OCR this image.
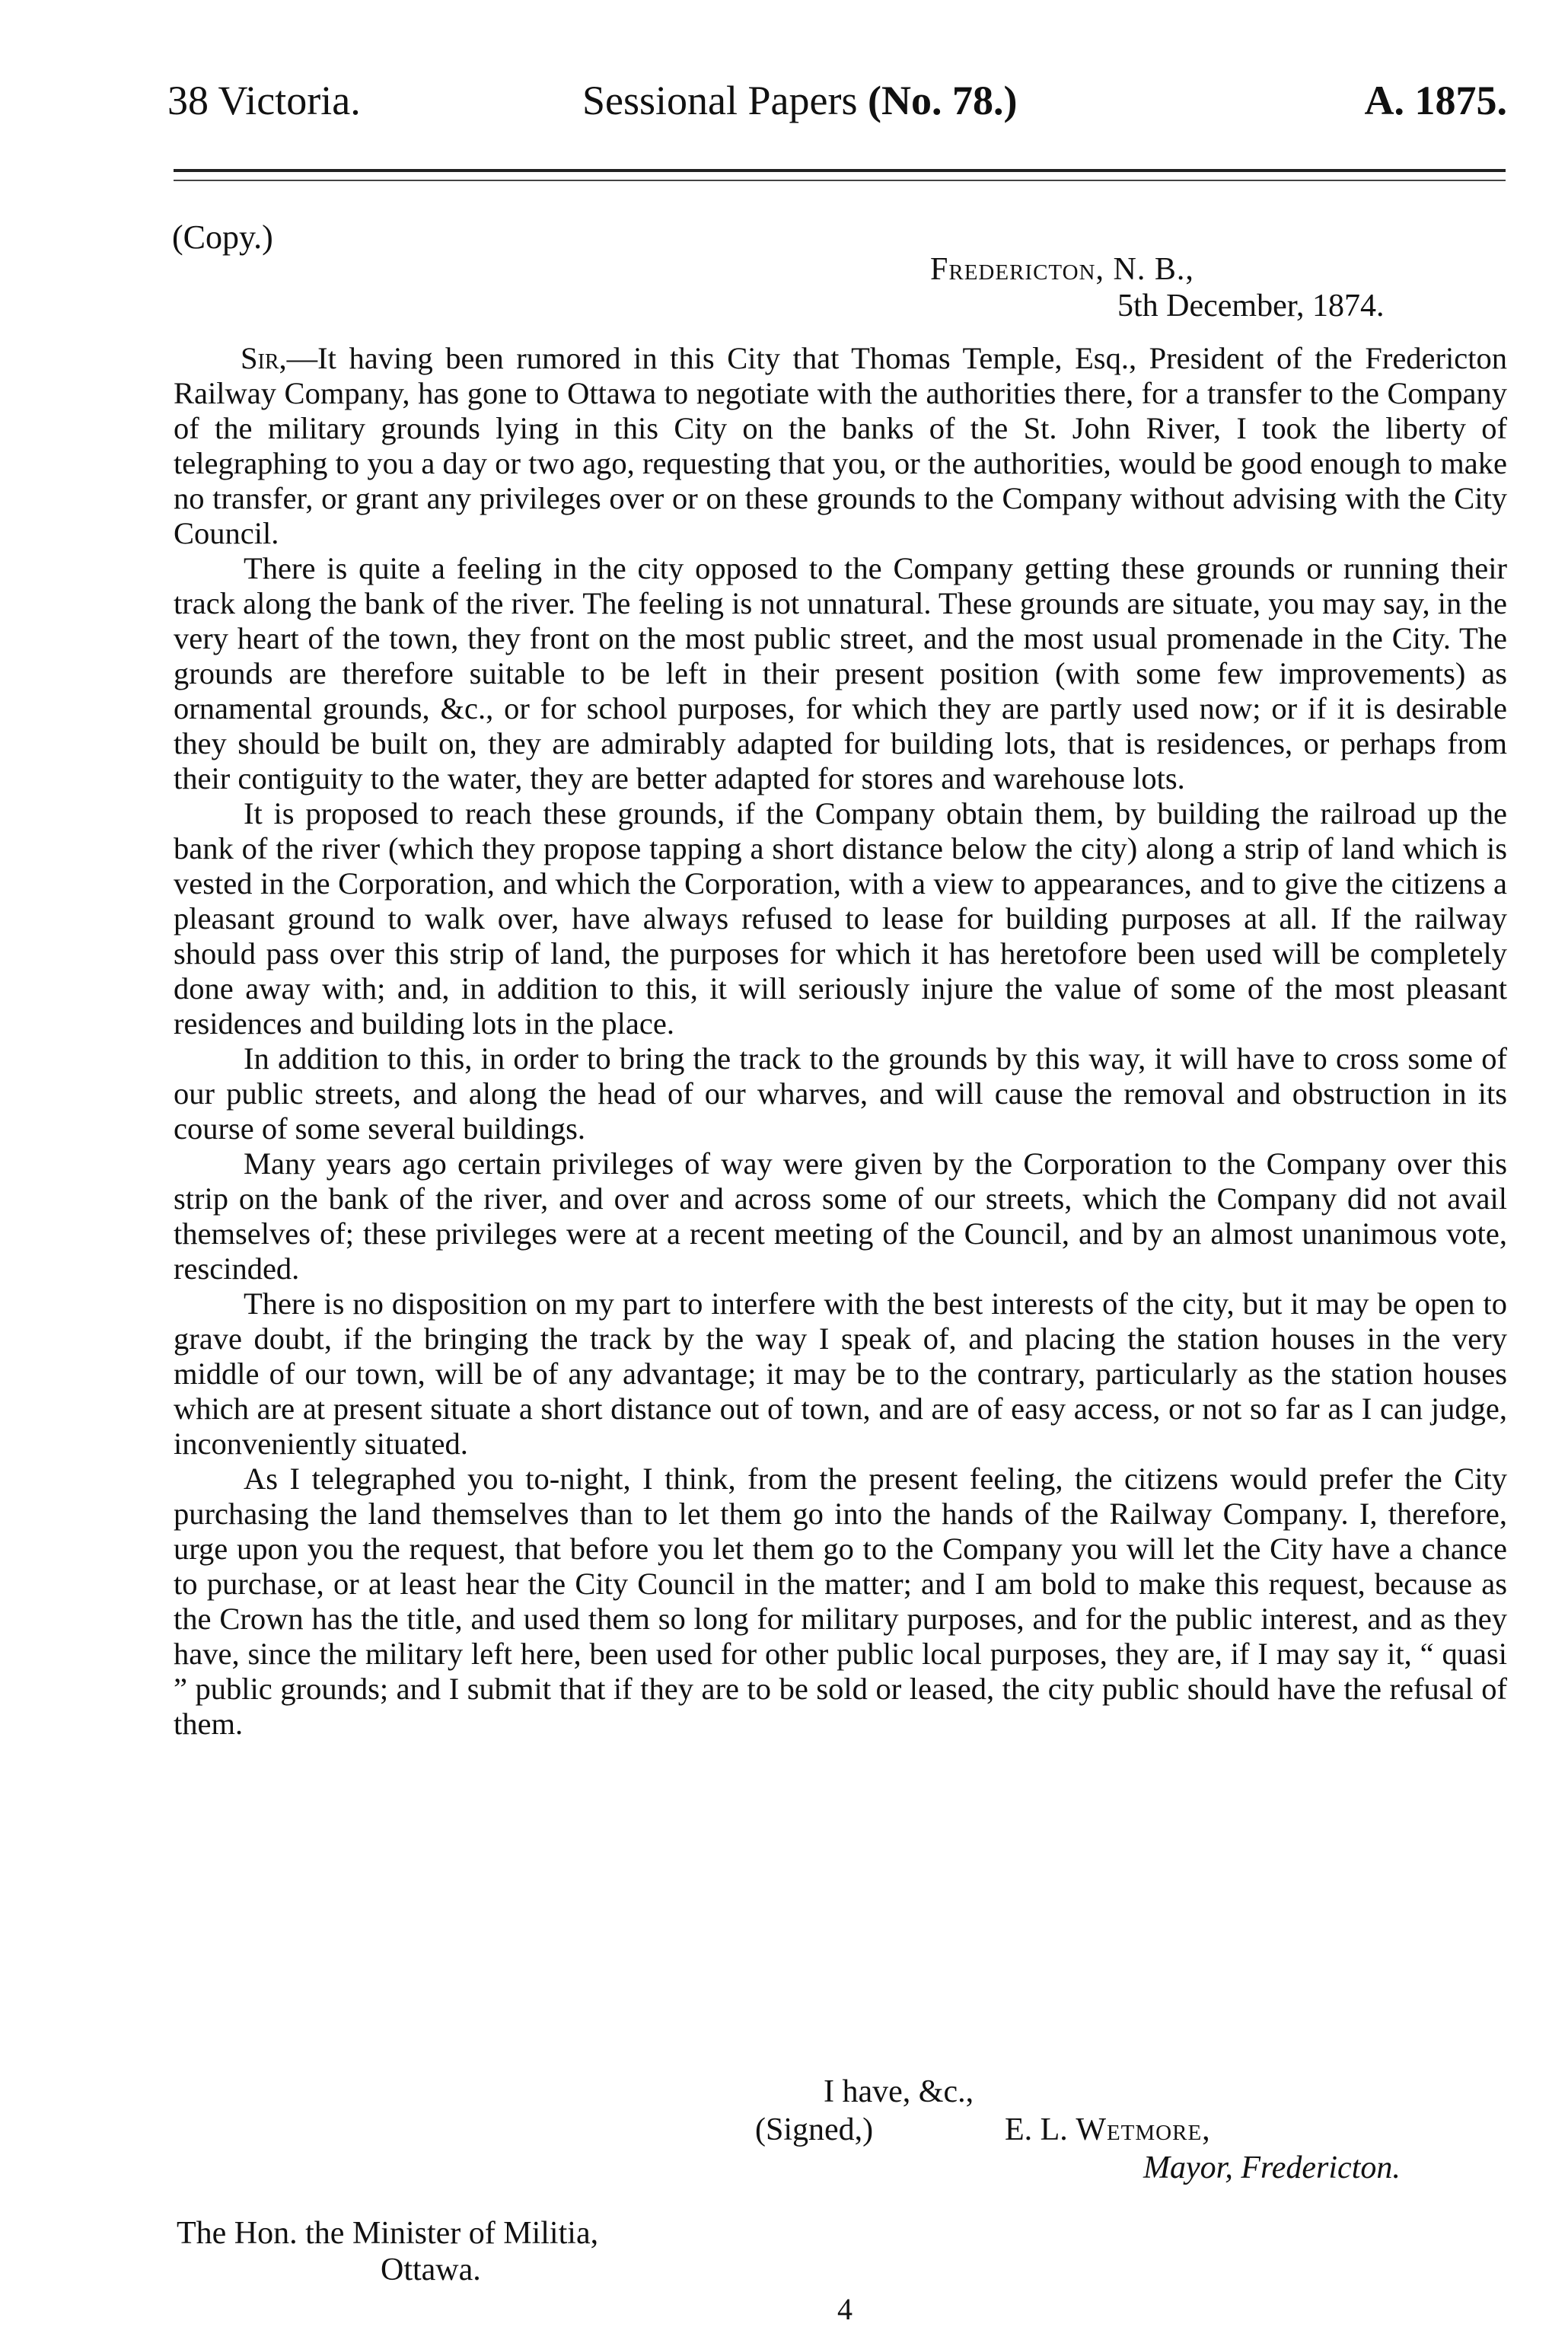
38 Victoria.	Sessional Papers (No. 78.)	A. 1875.
(Copy.)
Fredericton, N. B.,
5th December, 1874.

Sir,—It having been rumored in this City that Thomas Temple, Esq., President of the Fredericton Railway Company, has gone to Ottawa to negotiate with the authorities there, for a transfer to the Company of the military grounds lying in this City on the banks of the St. John River, I took the liberty of telegraphing to you a day or two ago, requesting that you, or the authorities, would be good enough to make no transfer, or grant any privileges over or on these grounds to the Company without advising with the City Council.

There is quite a feeling in the city opposed to the Company getting these grounds or running their track along the bank of the river. The feeling is not unnatural. These grounds are situate, you may say, in the very heart of the town, they front on the most public street, and the most usual promenade in the City. The grounds are therefore suitable to be left in their present position (with some few improvements) as ornamental grounds, &c., or for school purposes, for which they are partly used now; or if it is desirable they should be built on, they are admirably adapted for building lots, that is residences, or perhaps from their contiguity to the water, they are better adapted for stores and warehouse lots.

It is proposed to reach these grounds, if the Company obtain them, by building the railroad up the bank of the river (which they propose tapping a short distance below the city) along a strip of land which is vested in the Corporation, and which the Corporation, with a view to appearances, and to give the citizens a pleasant ground to walk over, have always refused to lease for building purposes at all. If the railway should pass over this strip of land, the purposes for which it has heretofore been used will be completely done away with; and, in addition to this, it will seriously injure the value of some of the most pleasant residences and building lots in the place.

In addition to this, in order to bring the track to the grounds by this way, it will have to cross some of our public streets, and along the head of our wharves, and will cause the removal and obstruction in its course of some several buildings.

Many years ago certain privileges of way were given by the Corporation to the Company over this strip on the bank of the river, and over and across some of our streets, which the Company did not avail themselves of; these privileges were at a recent meeting of the Council, and by an almost unanimous vote, rescinded.

There is no disposition on my part to interfere with the best interests of the city, but it may be open to grave doubt, if the bringing the track by the way I speak of, and placing the station houses in the very middle of our town, will be of any advantage; it may be to the contrary, particularly as the station houses which are at present situate a short distance out of town, and are of easy access, or not so far as I can judge, inconveniently situated.

As I telegraphed you to-night, I think, from the present feeling, the citizens would prefer the City purchasing the land themselves than to let them go into the hands of the Railway Company. I, therefore, urge upon you the request, that before you let them go to the Company you will let the City have a chance to purchase, or at least hear the City Council in the matter; and I am bold to make this request, because as the Crown has the title, and used them so long for military purposes, and for the public interest, and as they have, since the military left here, been used for other public local purposes, they are, if I may say it, “ quasi ” public grounds; and I submit that if they are to be sold or leased, the city public should have the refusal of them.

I have, &c.,
(Signed,)	E. L. Wetmore,
Mayor, Fredericton.
The Hon. the Minister of Militia,
Ottawa.
4
